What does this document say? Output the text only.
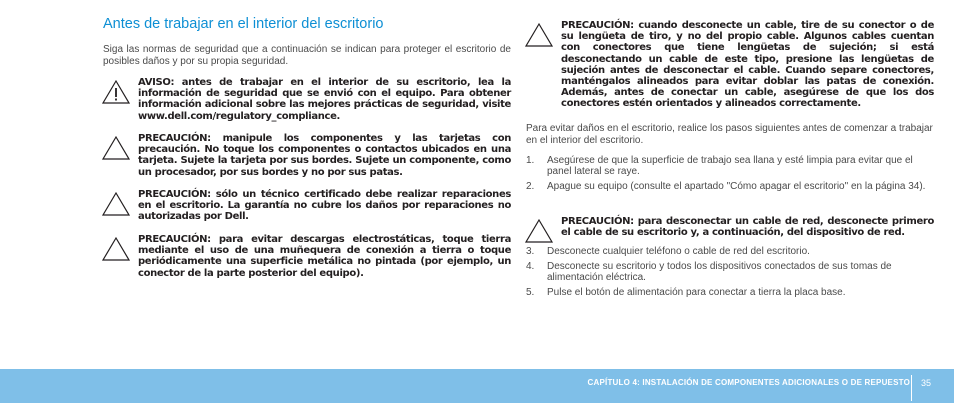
Antes de trabajar en el interior del escritorio

Siga las normas de seguridad que a continuación se indican para proteger el escritorio de posibles daños y por su propia seguridad.

AVISO: antes de trabajar en el interior de su escritorio, lea la información de seguridad que se envió con el equipo. Para obtener información adicional sobre las mejores prácticas de seguridad, visite www.dell.com/regulatory_compliance.
PRECAUCIÓN: manipule los componentes y las tarjetas con precaución. No toque los componentes o contactos ubicados en una tarjeta. Sujete la tarjeta por sus bordes. Sujete un componente, como un procesador, por sus bordes y no por sus patas.
PRECAUCIÓN: sólo un técnico certificado debe realizar reparaciones en el escritorio. La garantía no cubre los daños por reparaciones no autorizadas por Dell.
PRECAUCIÓN: para evitar descargas electrostáticas, toque tierra mediante el uso de una muñequera de conexión a tierra o toque periódicamente una superficie metálica no pintada (por ejemplo, un conector de la parte posterior del equipo).
PRECAUCIÓN: cuando desconecte un cable, tire de su conector o de su lengüeta de tiro, y no del propio cable. Algunos cables cuentan con conectores que tiene lengüetas de sujeción; si está desconectando un cable de este tipo, presione las lengüetas de sujeción antes de desconectar el cable. Cuando separe conectores, manténgalos alineados para evitar doblar las patas de conexión. Además, antes de conectar un cable, asegúrese de que los dos conectores estén orientados y alineados correctamente.

Para evitar daños en el escritorio, realice los pasos siguientes antes de comenzar a trabajar en el interior del escritorio.

1.	Asegúrese de que la superficie de trabajo sea llana y esté limpia para evitar que el panel lateral se raye.
2.	Apague su equipo (consulte el apartado "Cómo apagar el escritorio" en la página 34).
PRECAUCIÓN: para desconectar un cable de red, desconecte primero el cable de su escritorio y, a continuación, del dispositivo de red.
3.	Desconecte cualquier teléfono o cable de red del escritorio.
4.	Desconecte su escritorio y todos los dispositivos conectados de sus tomas de alimentación eléctrica.
5.	Pulse el botón de alimentación para conectar a tierra la placa base.
CAPÍTULO 4: INSTALACIÓN DE COMPONENTES ADICIONALES O DE REPUESTO 35
